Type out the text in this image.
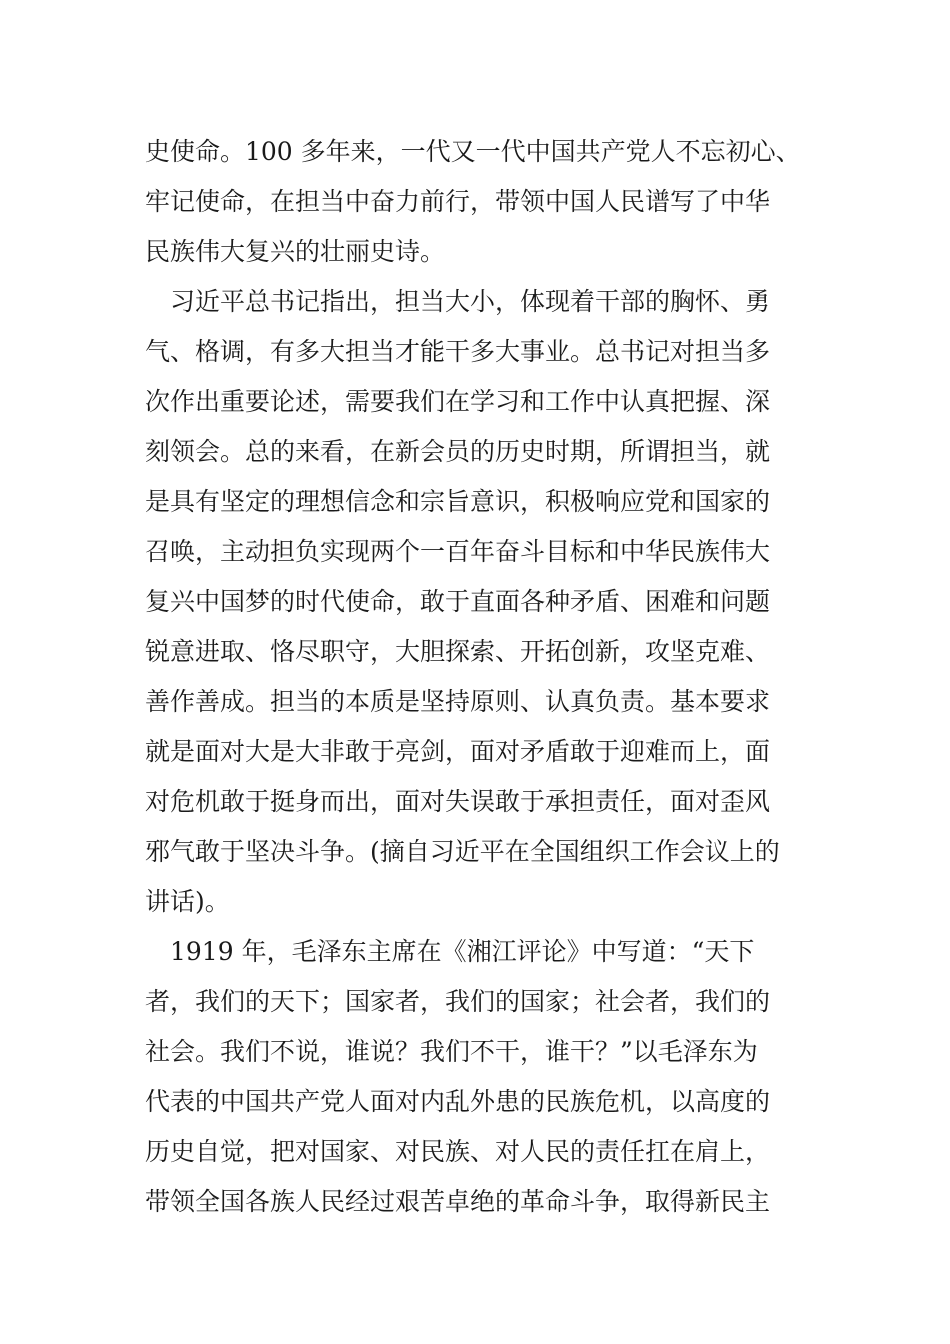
史使命。100 多年来，一代又一代中国共产党人不忘初心、
牢记使命，在担当中奋力前行，带领中国人民谱写了中华
民族伟大复兴的壮丽史诗。
　习近平总书记指出，担当大小，体现着干部的胸怀、勇
气、格调，有多大担当才能干多大事业。总书记对担当多
次作出重要论述，需要我们在学习和工作中认真把握、深
刻领会。总的来看，在新会员的历史时期，所谓担当，就
是具有坚定的理想信念和宗旨意识，积极响应党和国家的
召唤，主动担负实现两个一百年奋斗目标和中华民族伟大
复兴中国梦的时代使命，敢于直面各种矛盾、困难和问题
锐意进取、恪尽职守，大胆探索、开拓创新，攻坚克难、
善作善成。担当的本质是坚持原则、认真负责。基本要求
就是面对大是大非敢于亮剑，面对矛盾敢于迎难而上，面
对危机敢于挺身而出，面对失误敢于承担责任，面对歪风
邪气敢于坚决斗争。(摘自习近平在全国组织工作会议上的
讲话)。
　1919 年，毛泽东主席在《湘江评论》中写道：“天下
者，我们的天下；国家者，我们的国家；社会者，我们的
社会。我们不说，谁说？我们不干，谁干？”以毛泽东为
代表的中国共产党人面对内乱外患的民族危机，以高度的
历史自觉，把对国家、对民族、对人民的责任扛在肩上，
带领全国各族人民经过艰苦卓绝的革命斗争，取得新民主
